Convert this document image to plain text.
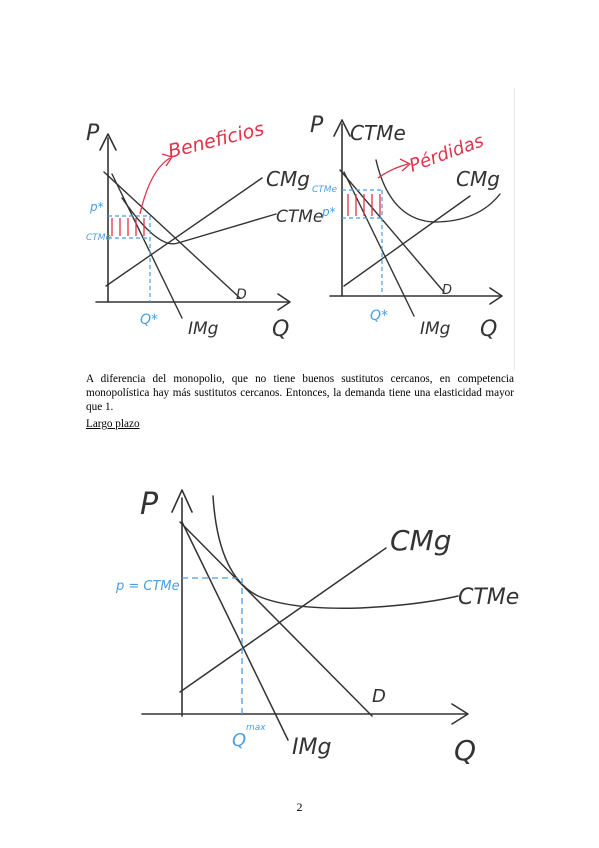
P
Q
D
IMg
CMg
CTMe
p*
CTMe
Q*
Beneficios P
Q
CTMe
D
IMg
CMg
CTMe
p*
Q*
Pérdidas

A diferencia del monopolio, que no tiene buenos sustitutos cercanos, en competencia monopolística hay más sustitutos cercanos. Entonces, la demanda tiene una elasticidad mayor que 1.

Largo plazo

P
Q
CTMe
CMg
D
IMg
p = CTMe
Q
max

2
